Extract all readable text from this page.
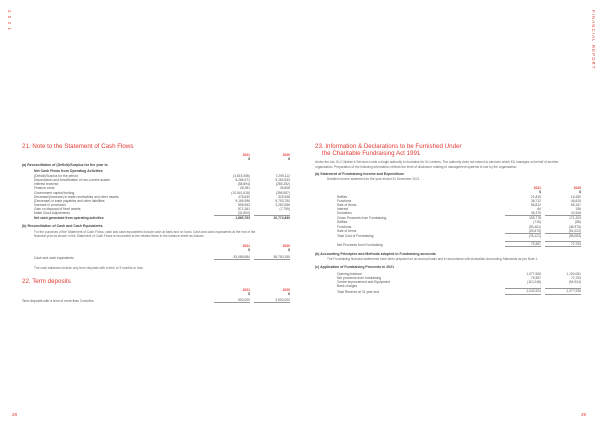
2 0 2 1	FINANCIAL REPORT
28	29
21. Note to the Statement of Cash Flows
2021	2020
$	$
(a) Reconciliation of (Deficit)/Surplus for the year to
Net Cash Flows from Operating Activities
(Deficit)/Surplus for the period	(3,815,356)	7,295,112
Depreciation and Amortisation of non-current assets	5,266,371	5,154,533
Interest received	(58,694)	(255,282)
Finance costs	28,381	35,808
Government capital funding	(10,941,818)	(398,557)
Decrease/(increase) in trade receivables and other assets	478,630	325,538
(Decrease) in trade payables and other liabilities	9,165,996	5,793,750
Increase in provisions	898,553	2,282,556
Gain on disposal of fixed assets	871,361	(7,759)
Make Good Adjustments	(31,800)	-
Net cash generated from operating activities	1,869,763	20,774,830
(b) Reconciliation of Cash and Cash Equivalents
For the purposes of the Statement of Cash Flows, cash and cash equivalents include cash at bank and on hand. Cash and cash equivalents at the end of the financial year as shown in the Statement of Cash Flows is reconciled to the related items in the balance sheet as follows:
2021	2020
$	$
Cash and cash equivalents	53,088,684	58,750,159
The cash balances include only term deposits with a term of 3 months or less.
22. Term deposits
2021	2020
$	$
Term deposits with a term of more than 3 months	500,000	3,500,000
23. Information & Declarations to be Furnished Under
the Charitable Fundraising Act 1991
Under the Act, KU Children's Services holds a single authority to fundraise for KU centres. The authority does not extend to services which KU manages on behalf of another organisation. Preparation of the following information reflects the level of disclosure relating to management systems in use by the organisation.
(a) Statement of Fundraising Income and Expenditure
Detailed income statement for the year ended 31 December 2021
2021	2020
$	$
Raffles	21,815	16,280
Functions	38,712	46,815
Sale of Items	58,812	65,167
Interest	64	196
Donations	36,375	42,545
Gross Proceeds from Fundraising	155,778	171,203
Raffles	(715)	(86)
Functions	(53,461)	(46,975)
Sale of Items	(25,875)	(51,022)
Total Cost of Fundraising	(78,121)	(98,083)
Net Proceeds from Fundraising	75,357	72,793
(b) Accounting Principles and Methods adopted in Fundraising accounts
The Fundraising financial statements have been prepared on an accrual basis and in accordance with Australian Accounting Standards as per Note 1.
(c) Application of Fundraising Proceeds in 2021
Opening balance	1,077,906	1,100,061
Net proceeds from fundraising	75,357	72,793
Centre improvement and Equipment	(110,248)	(94,924)
Bank charges	-	-
Total Reserve at 31 year end	1,042,924	1,077,930
